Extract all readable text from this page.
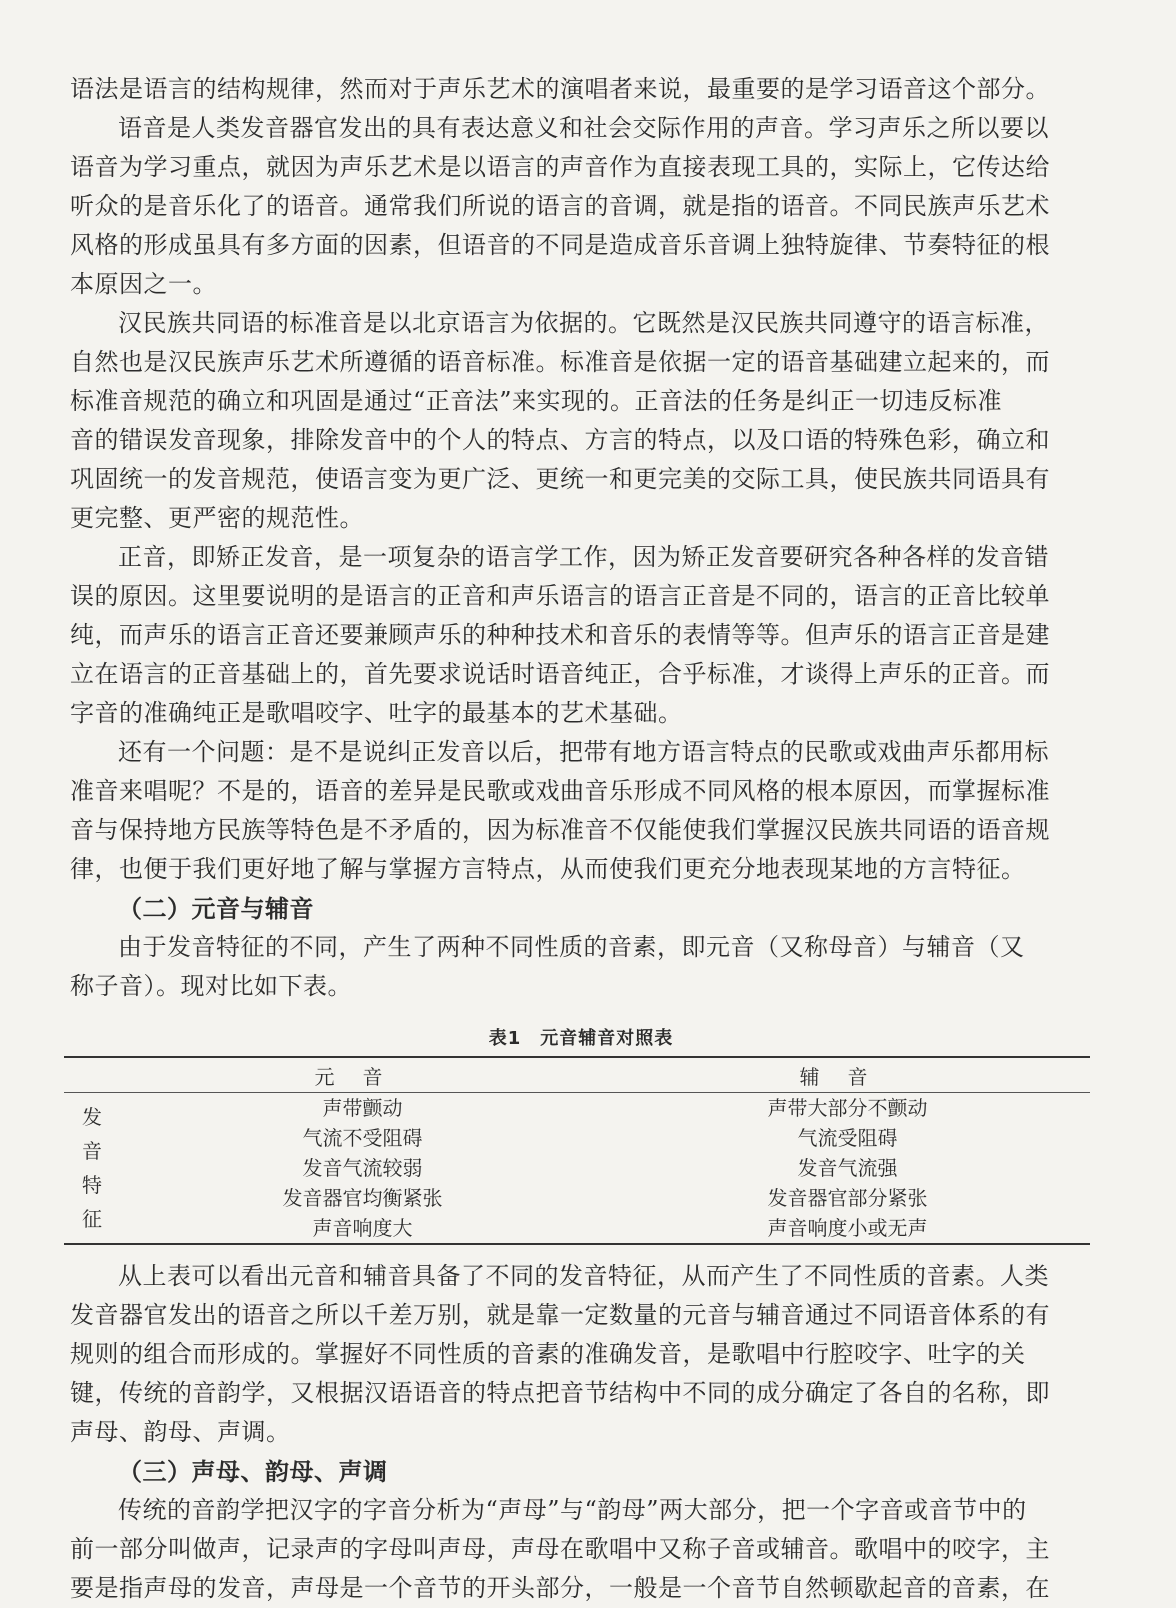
语法是语言的结构规律，然而对于声乐艺术的演唱者来说，最重要的是学习语音这个部分。

语音是人类发音器官发出的具有表达意义和社会交际作用的声音。学习声乐之所以要以

语音为学习重点，就因为声乐艺术是以语言的声音作为直接表现工具的，实际上，它传达给

听众的是音乐化了的语音。通常我们所说的语言的音调，就是指的语音。不同民族声乐艺术

风格的形成虽具有多方面的因素，但语音的不同是造成音乐音调上独特旋律、节奏特征的根

本原因之一。

汉民族共同语的标准音是以北京语言为依据的。它既然是汉民族共同遵守的语言标准，

自然也是汉民族声乐艺术所遵循的语音标准。标准音是依据一定的语音基础建立起来的，而

标准音规范的确立和巩固是通过“正音法”来实现的。正音法的任务是纠正一切违反标准

音的错误发音现象，排除发音中的个人的特点、方言的特点，以及口语的特殊色彩，确立和

巩固统一的发音规范，使语言变为更广泛、更统一和更完美的交际工具，使民族共同语具有

更完整、更严密的规范性。

正音，即矫正发音，是一项复杂的语言学工作，因为矫正发音要研究各种各样的发音错

误的原因。这里要说明的是语言的正音和声乐语言的语言正音是不同的，语言的正音比较单

纯，而声乐的语言正音还要兼顾声乐的种种技术和音乐的表情等等。但声乐的语言正音是建

立在语言的正音基础上的，首先要求说话时语音纯正，合乎标准，才谈得上声乐的正音。而

字音的准确纯正是歌唱咬字、吐字的最基本的艺术基础。

还有一个问题：是不是说纠正发音以后，把带有地方语言特点的民歌或戏曲声乐都用标

准音来唱呢？不是的，语音的差异是民歌或戏曲音乐形成不同风格的根本原因，而掌握标准

音与保持地方民族等特色是不矛盾的，因为标准音不仅能使我们掌握汉民族共同语的语音规

律，也便于我们更好地了解与掌握方言特点，从而使我们更充分地表现某地的方言特征。

（二）元音与辅音

由于发音特征的不同，产生了两种不同性质的音素，即元音（又称母音）与辅音（又

称子音）。现对比如下表。

表1　元音辅音对照表
元音	辅音
发
音
特
征
声带颤动
气流不受阻碍
发音气流较弱
发音器官均衡紧张
声音响度大
声带大部分不颤动
气流受阻碍
发音气流强
发音器官部分紧张
声音响度小或无声

从上表可以看出元音和辅音具备了不同的发音特征，从而产生了不同性质的音素。人类

发音器官发出的语音之所以千差万别，就是靠一定数量的元音与辅音通过不同语音体系的有

规则的组合而形成的。掌握好不同性质的音素的准确发音，是歌唱中行腔咬字、吐字的关

键，传统的音韵学，又根据汉语语音的特点把音节结构中不同的成分确定了各自的名称，即

声母、韵母、声调。

（三）声母、韵母、声调

传统的音韵学把汉字的字音分析为“声母”与“韵母”两大部分，把一个字音或音节中的

前一部分叫做声，记录声的字母叫声母，声母在歌唱中又称子音或辅音。歌唱中的咬字，主

要是指声母的发音，声母是一个音节的开头部分，一般是一个音节自然顿歇起音的音素，在
